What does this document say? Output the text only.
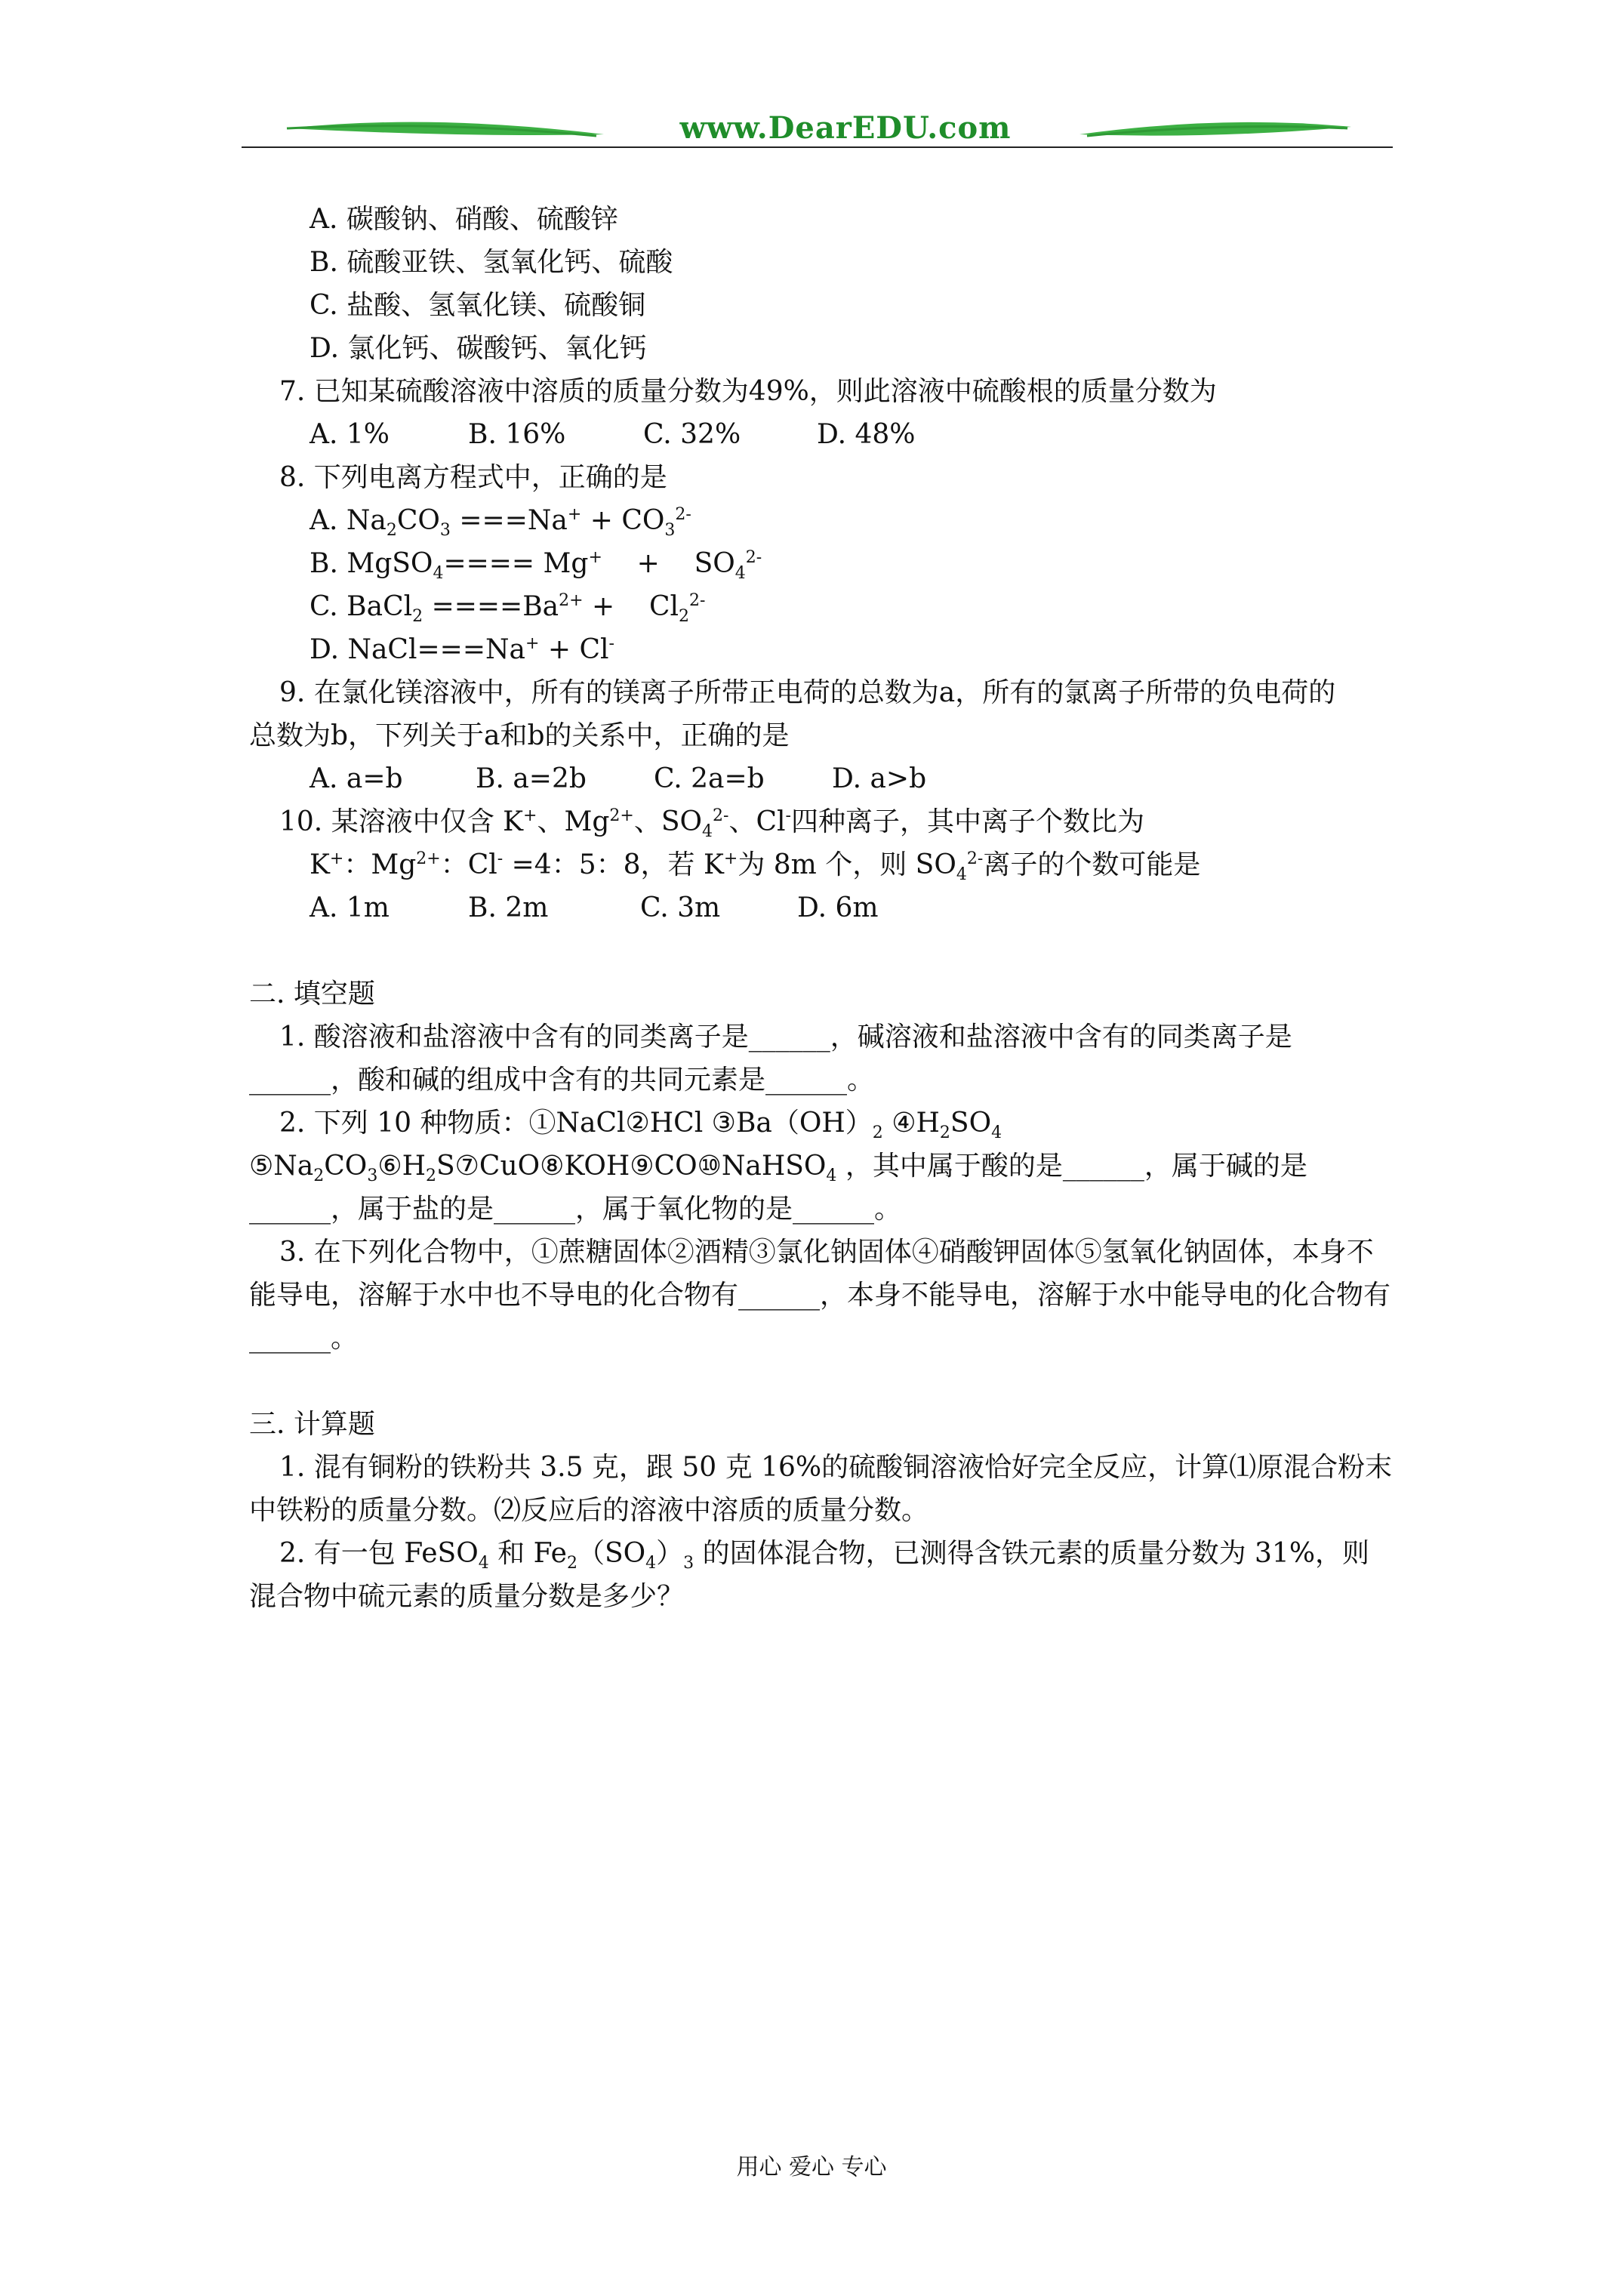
www.DearEDU.com
A. 碳酸钠、硝酸、硫酸锌
B. 硫酸亚铁、氢氧化钙、硫酸
C. 盐酸、氢氧化镁、硫酸铜
D. 氯化钙、碳酸钙、氧化钙
7. 已知某硫酸溶液中溶质的质量分数为49%，则此溶液中硫酸根的质量分数为
A. 1%	B. 16%	C. 32%	D. 48%
8. 下列电离方程式中，正确的是
A. $Na_2CO_3 ===Na^+ + CO_3^{2-}$
B. MgSO$_4$==== Mg+    +    $SO_4^{2-}$
C. BaCl$_2$ $====Ba^{2+}$ +    $Cl_2^{2-}$
D. NaCl===Na+ + Cl-
9. 在氯化镁溶液中，所有的镁离子所带正电荷的总数为a，所有的氯离子所带的负电荷的
总数为b，下列关于a和b的关系中，正确的是
A. a=b	B. a=2b	C. 2a=b	D. a>b
10. 某溶液中仅含 K+、$Mg^{2+}$、$SO_4^{2-}$、Cl-四种离子，其中离子个数比为
K+：$Mg^{2+}$：Cl- =4：5：8，若 K+为 8m 个，则 $SO_4^{2-}$离子的个数可能是
A. 1m	B. 2m	C. 3m	D. 6m
二. 填空题
1. 酸溶液和盐溶液中含有的同类离子是______，碱溶液和盐溶液中含有的同类离子是______，酸和碱的组成中含有的共同元素是______。
2. 下列 10 种物质：①NaCl②HCl $③Ba(OH)_2$ $④H_2SO_4$ $⑤Na_2CO_3⑥H_2S⑦CuO⑧KOH⑨CO⑩NaHSO_4$ ，其中属于酸的是______，属于碱的是______，属于盐的是______，属于氧化物的是______。
3. 在下列化合物中，①蔗糖固体②酒精③氯化钠固体④硝酸钾固体⑤氢氧化钠固体，本身不能导电，溶解于水中也不导电的化合物有______，本身不能导电，溶解于水中能导电的化合物有______。
三. 计算题
1. 混有铜粉的铁粉共 3.5 克，跟 50 克 16%的硫酸铜溶液恰好完全反应，计算⑴原混合粉末中铁粉的质量分数。⑵反应后的溶液中溶质的质量分数。
2. 有一包 FeSO$_4$ 和 $Fe_2(SO_4)_3$ 的固体混合物，已测得含铁元素的质量分数为 31%，则混合物中硫元素的质量分数是多少？
用心 爱心 专心
